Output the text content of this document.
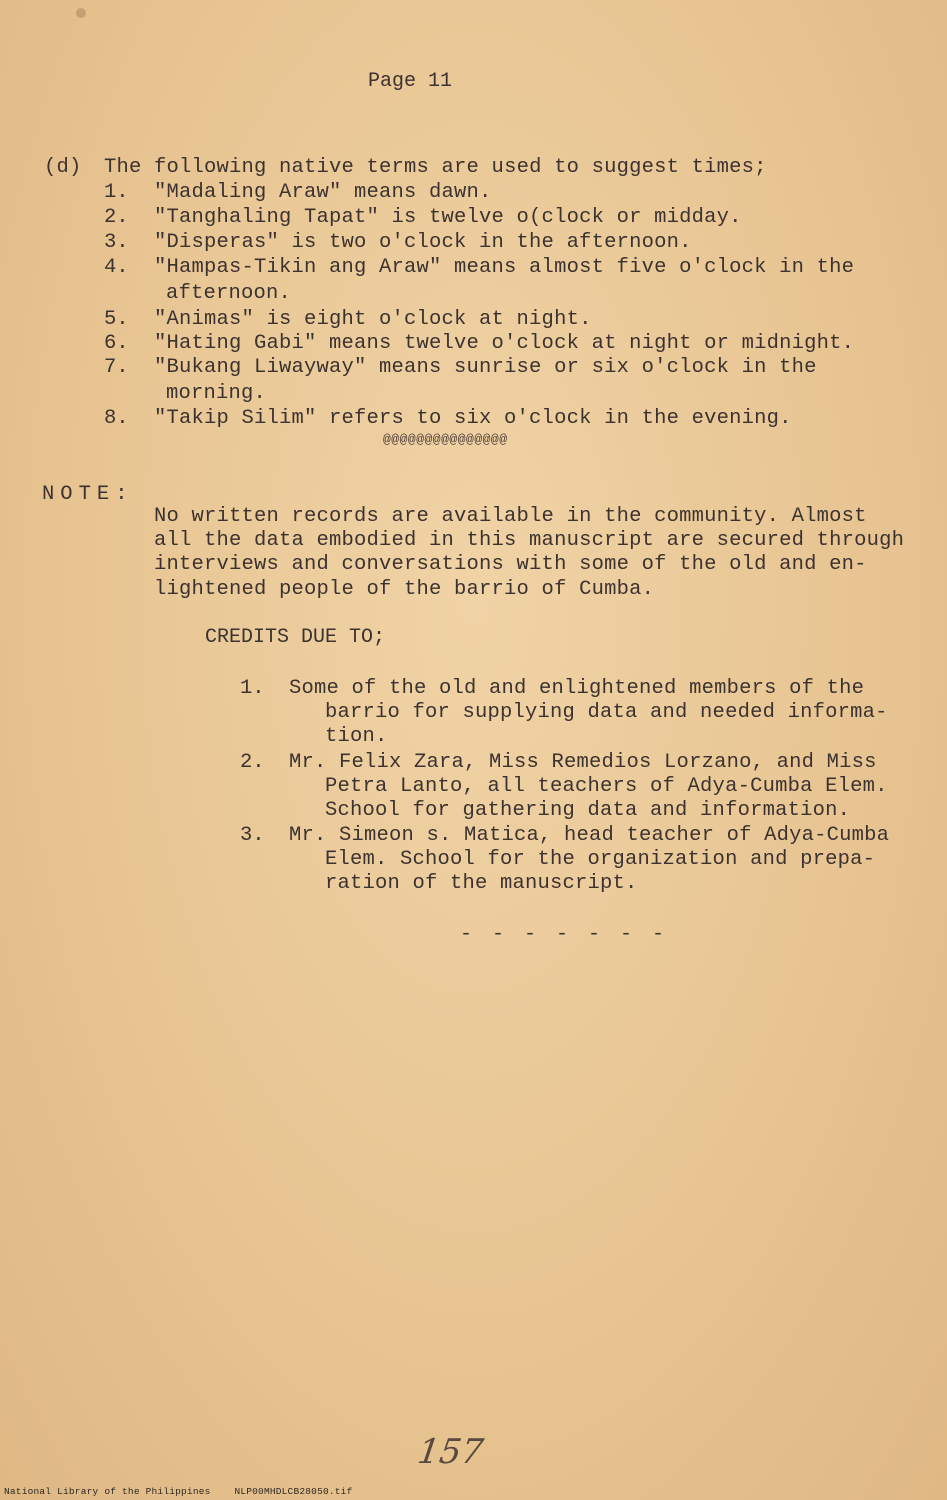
Page 11
(d) The following native terms are used to suggest times;
1. "Madaling Araw" means dawn.
2. "Tanghaling Tapat" is twelve o(clock or midday.
3. "Disperas" is two o'clock in the afternoon.
4. "Hampas-Tikin ang Araw" means almost five o'clock in the
afternoon.
5. "Animas" is eight o'clock at night.
6. "Hating Gabi" means twelve o'clock at night or midnight.
7. "Bukang Liwayway" means sunrise or six o'clock in the
morning.
8. "Takip Silim" refers to six o'clock in the evening.
@@@@@@@@@@@@@@@
NOTE:
No written records are available in the community. Almost
all the data embodied in this manuscript are secured through
interviews and conversations with some of the old and en-
lightened people of the barrio of Cumba.
CREDITS DUE TO;
1. Some of the old and enlightened members of the
barrio for supplying data and needed informa-
tion.
2. Mr. Felix Zara, Miss Remedios Lorzano, and Miss
Petra Lanto, all teachers of Adya-Cumba Elem.
School for gathering data and information.
3. Mr. Simeon s. Matica, head teacher of Adya-Cumba
Elem. School for the organization and prepa-
ration of the manuscript.
- - - - - - -
157
National Library of the Philippines	NLP00MHDLCB28050.tif
